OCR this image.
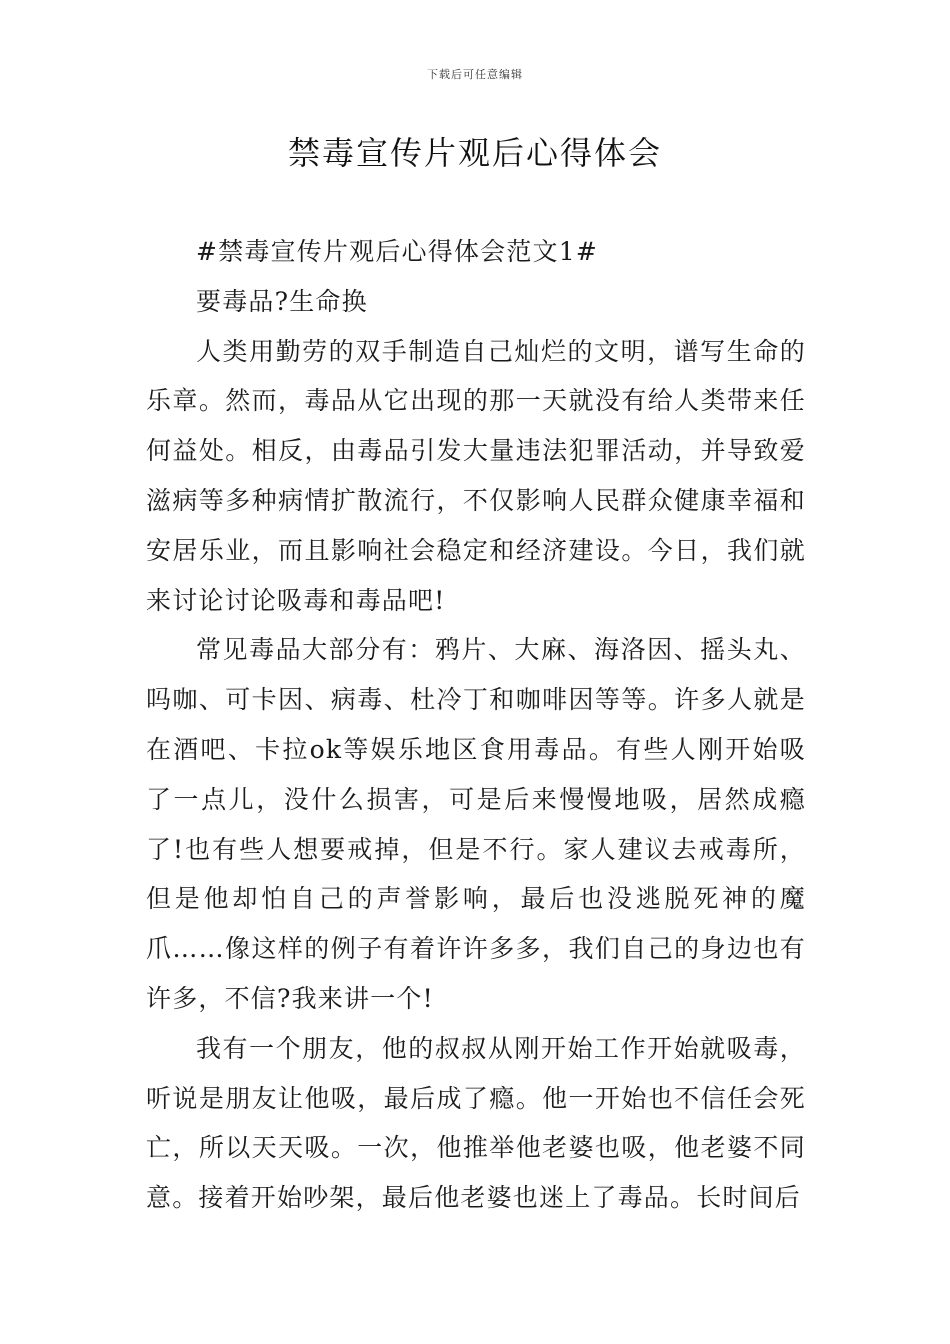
下载后可任意编辑
禁毒宣传片观后心得体会

#禁毒宣传片观后心得体会范文1#

要毒品?生命换

人类用勤劳的双手制造自己灿烂的文明，谱写生命的乐章。然而，毒品从它出现的那一天就没有给人类带来任何益处。相反，由毒品引发大量违法犯罪活动，并导致爱滋病等多种病情扩散流行，不仅影响人民群众健康幸福和安居乐业，而且影响社会稳定和经济建设。今日，我们就来讨论讨论吸毒和毒品吧!

常见毒品大部分有：鸦片、大麻、海洛因、摇头丸、吗咖、可卡因、病毒、杜冷丁和咖啡因等等。许多人就是在酒吧、卡拉ok等娱乐地区食用毒品。有些人刚开始吸了一点儿，没什么损害，可是后来慢慢地吸，居然成瘾了!也有些人想要戒掉，但是不行。家人建议去戒毒所，但是他却怕自己的声誉影响，最后也没逃脱死神的魔爪……像这样的例子有着许许多多，我们自己的身边也有许多，不信?我来讲一个!

我有一个朋友，他的叔叔从刚开始工作开始就吸毒，听说是朋友让他吸，最后成了瘾。他一开始也不信任会死亡，所以天天吸。一次，他推举他老婆也吸，他老婆不同意。接着开始吵架，最后他老婆也迷上了毒品。长时间后
